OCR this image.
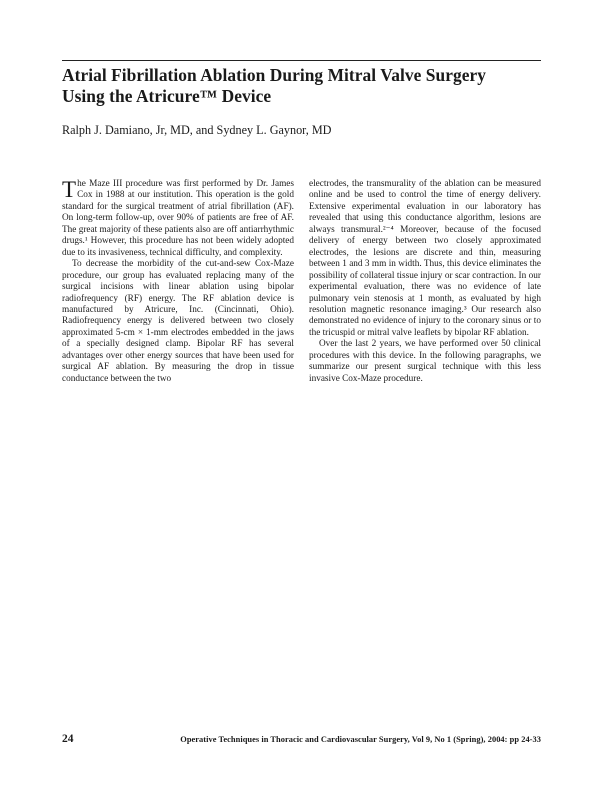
Atrial Fibrillation Ablation During Mitral Valve Surgery
Using the Atricure™ Device

Ralph J. Damiano, Jr, MD, and Sydney L. Gaynor, MD

The Maze III procedure was first performed by Dr. James Cox in 1988 at our institution. This operation is the gold standard for the surgical treatment of atrial fibrillation (AF). On long-term follow-up, over 90% of patients are free of AF. The great majority of these patients also are off antiarrhythmic drugs.¹ However, this procedure has not been widely adopted due to its invasiveness, technical difficulty, and complexity.

To decrease the morbidity of the cut-and-sew Cox-Maze procedure, our group has evaluated replacing many of the surgical incisions with linear ablation using bipolar radiofrequency (RF) energy. The RF ablation device is manufactured by Atricure, Inc. (Cincinnati, Ohio). Radiofrequency energy is delivered between two closely approximated 5-cm × 1-mm electrodes embedded in the jaws of a specially designed clamp. Bipolar RF has several advantages over other energy sources that have been used for surgical AF ablation. By measuring the drop in tissue conductance between the two

electrodes, the transmurality of the ablation can be measured online and be used to control the time of energy delivery. Extensive experimental evaluation in our laboratory has revealed that using this conductance algorithm, lesions are always transmural.²⁻⁴ Moreover, because of the focused delivery of energy between two closely approximated electrodes, the lesions are discrete and thin, measuring between 1 and 3 mm in width. Thus, this device eliminates the possibility of collateral tissue injury or scar contraction. In our experimental evaluation, there was no evidence of late pulmonary vein stenosis at 1 month, as evaluated by high resolution magnetic resonance imaging.³ Our research also demonstrated no evidence of injury to the coronary sinus or to the tricuspid or mitral valve leaflets by bipolar RF ablation.

Over the last 2 years, we have performed over 50 clinical procedures with this device. In the following paragraphs, we summarize our present surgical technique with this less invasive Cox-Maze procedure.

24	Operative Techniques in Thoracic and Cardiovascular Surgery, Vol 9, No 1 (Spring), 2004: pp 24-33
